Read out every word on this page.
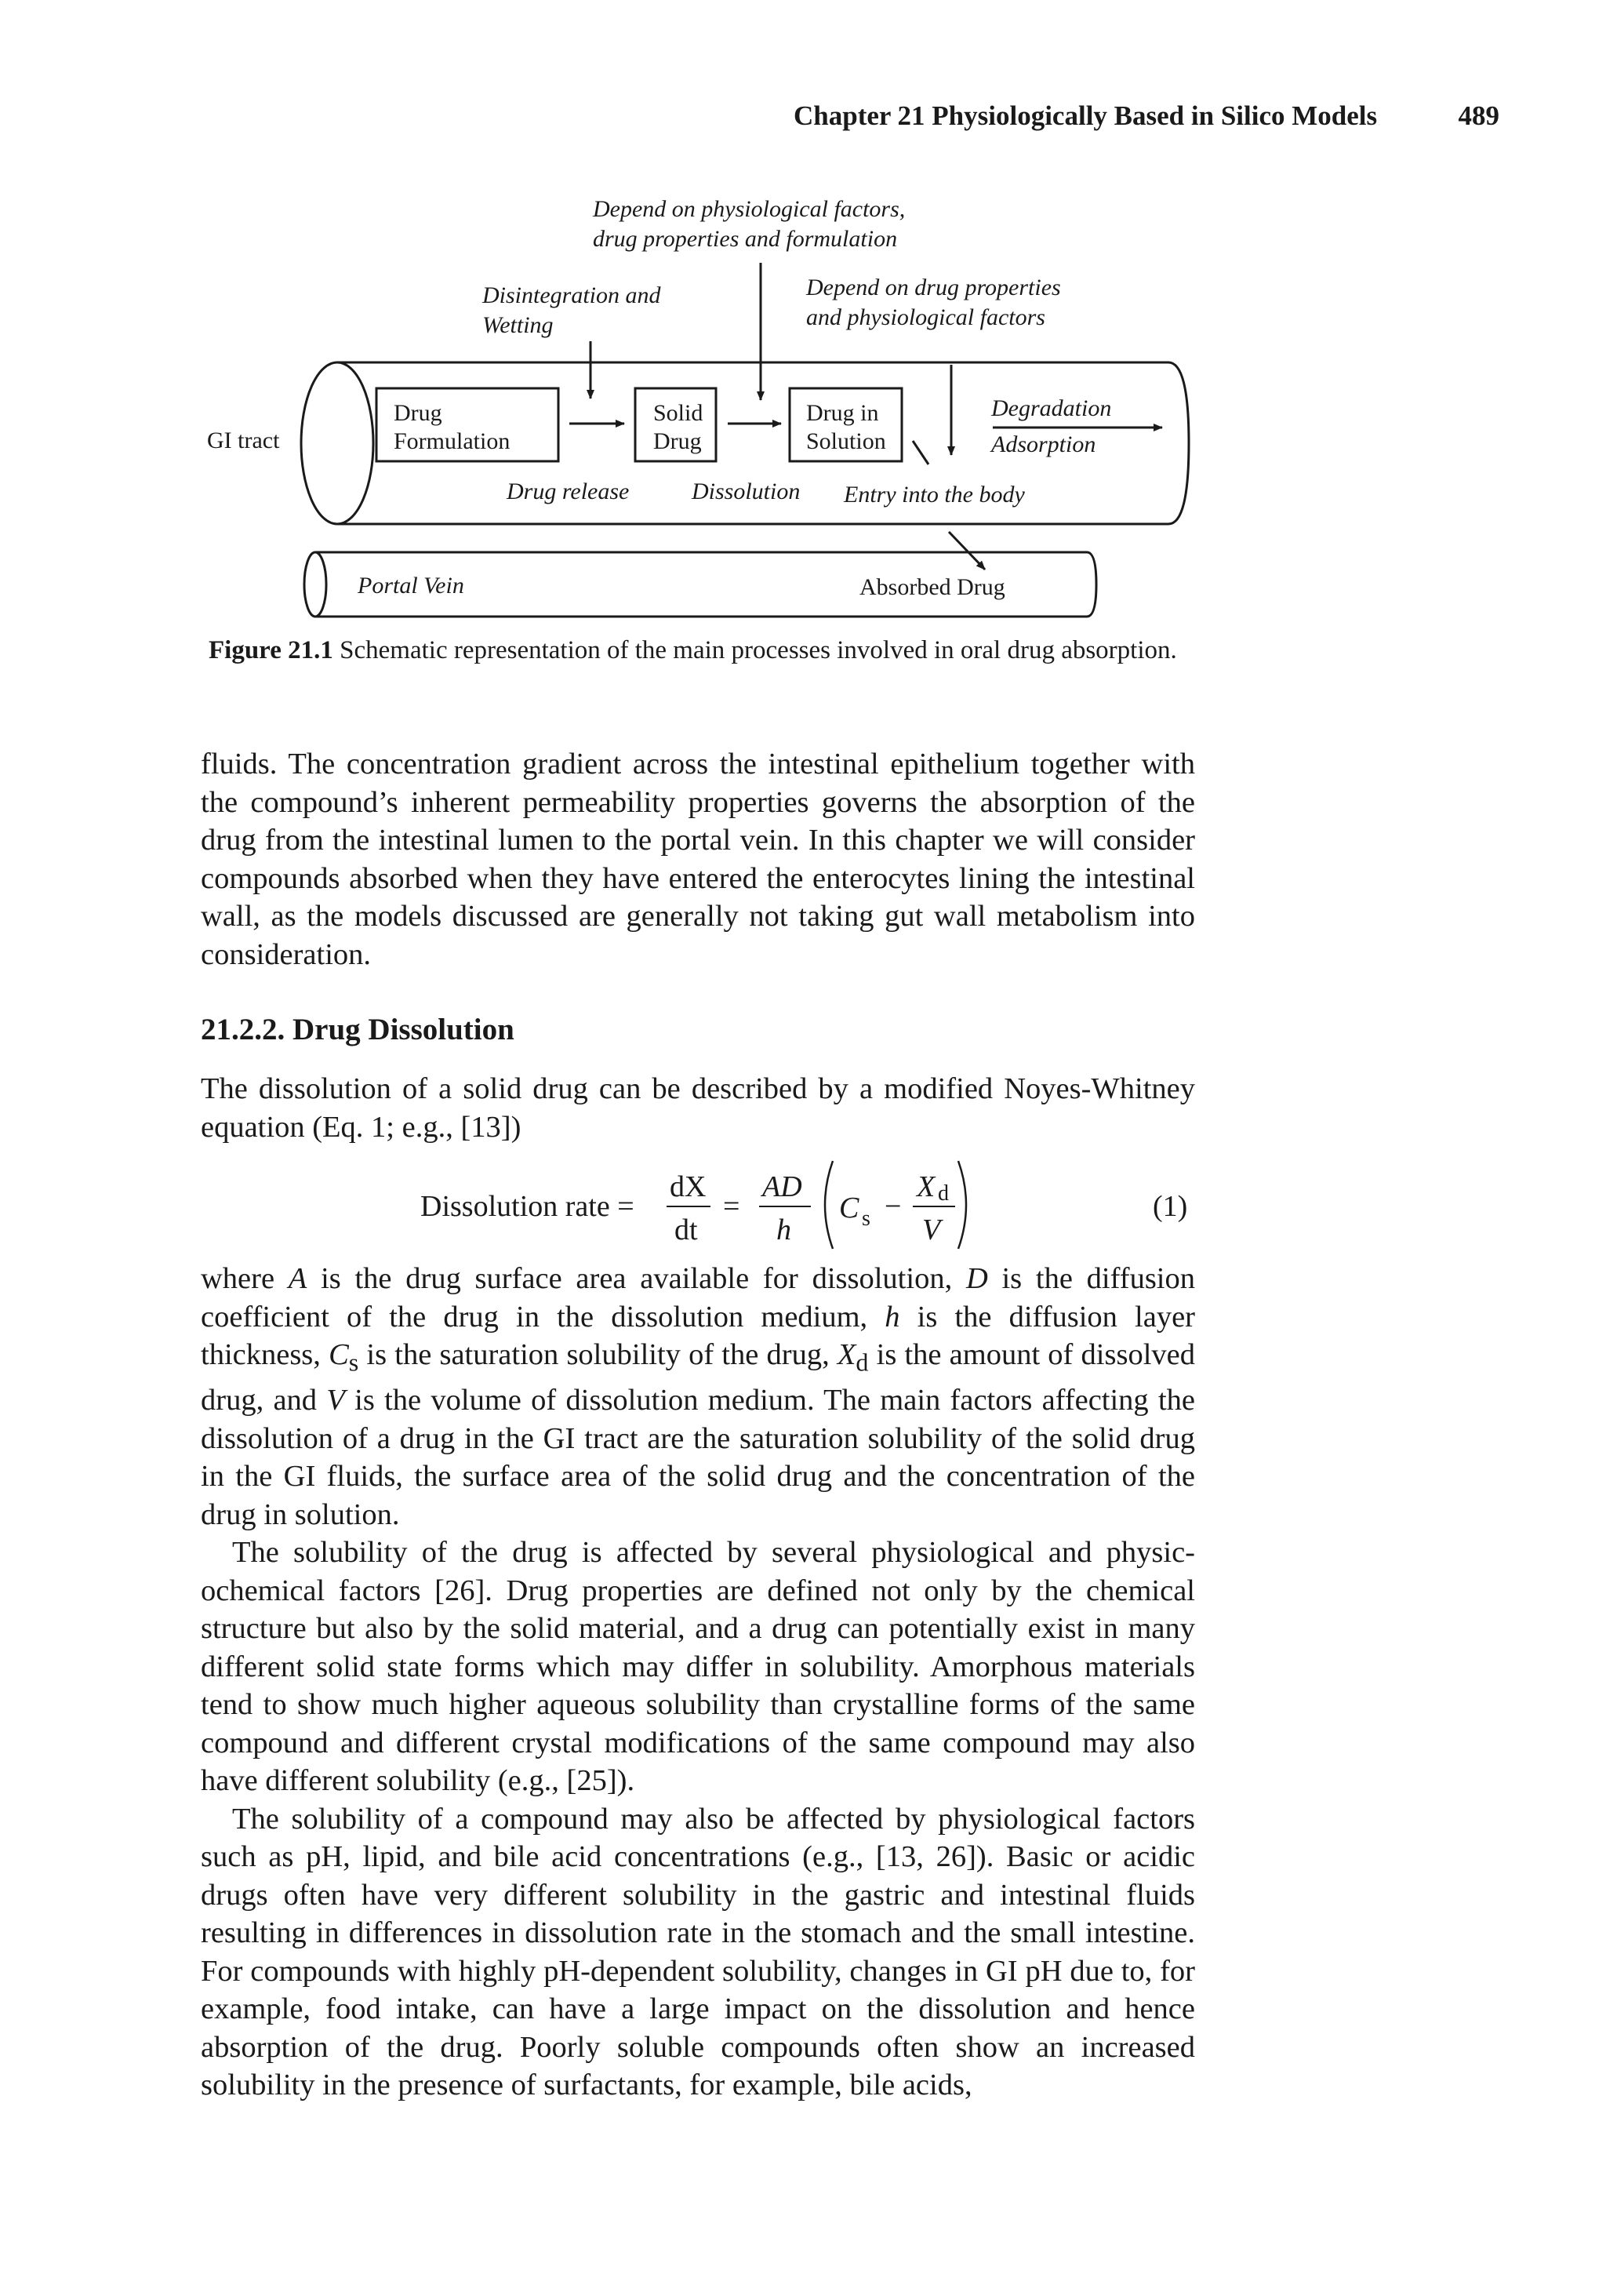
Chapter 21 Physiologically Based in Silico Models	489
Depend on physiological factors,
drug properties and formulation
Disintegration and
Wetting
Depend on drug properties
and physiological factors
GI tract
Drug
Formulation
Solid
Drug
Drug in
Solution
Degradation
Adsorption
Drug release	Dissolution Entry into the body
Portal Vein	Absorbed Drug
Figure 21.1 Schematic representation of the main processes involved in oral drug absorption.

fluids. The concentration gradient across the intestinal epithelium together with the compound’s inherent permeability properties governs the absorption of the drug from the intestinal lumen to the portal vein. In this chapter we will consider compounds absorbed when they have entered the enterocytes lining the intestinal wall, as the models discussed are generally not taking gut wall metabolism into consideration.

21.2.2. Drug Dissolution

The dissolution of a solid drug can be described by a modified Noyes-Whitney equation (Eq. 1; e.g., [13])

Dissolution rate =
dX
dt
=
AD
h
C s −
X d
V
(1)

where A is the drug surface area available for dissolution, D is the diffusion coefficient of the drug in the dissolution medium, h is the diffusion layer thickness, $C_s$ is the saturation solubility of the drug, $X_d$ is the amount of dissolved drug, and V is the volume of dissolution medium. The main factors affecting the dissolution of a drug in the GI tract are the saturation solubility of the solid drug in the GI fluids, the surface area of the solid drug and the concentration of the drug in solution.

The solubility of the drug is affected by several physiological and physicochemical factors [26]. Drug properties are defined not only by the chemical structure but also by the solid material, and a drug can potentially exist in many different solid state forms which may differ in solubility. Amorphous materials tend to show much higher aqueous solubility than crystalline forms of the same compound and different crystal modifications of the same compound may also have different solubility (e.g., [25]).

The solubility of a compound may also be affected by physiological factors such as pH, lipid, and bile acid concentrations (e.g., [13, 26]). Basic or acidic drugs often have very different solubility in the gastric and intestinal fluids resulting in differences in dissolution rate in the stomach and the small intestine. For compounds with highly pH-dependent solubility, changes in GI pH due to, for example, food intake, can have a large impact on the dissolution and hence absorption of the drug. Poorly soluble compounds often show an increased solubility in the presence of surfactants, for example, bile acids,
